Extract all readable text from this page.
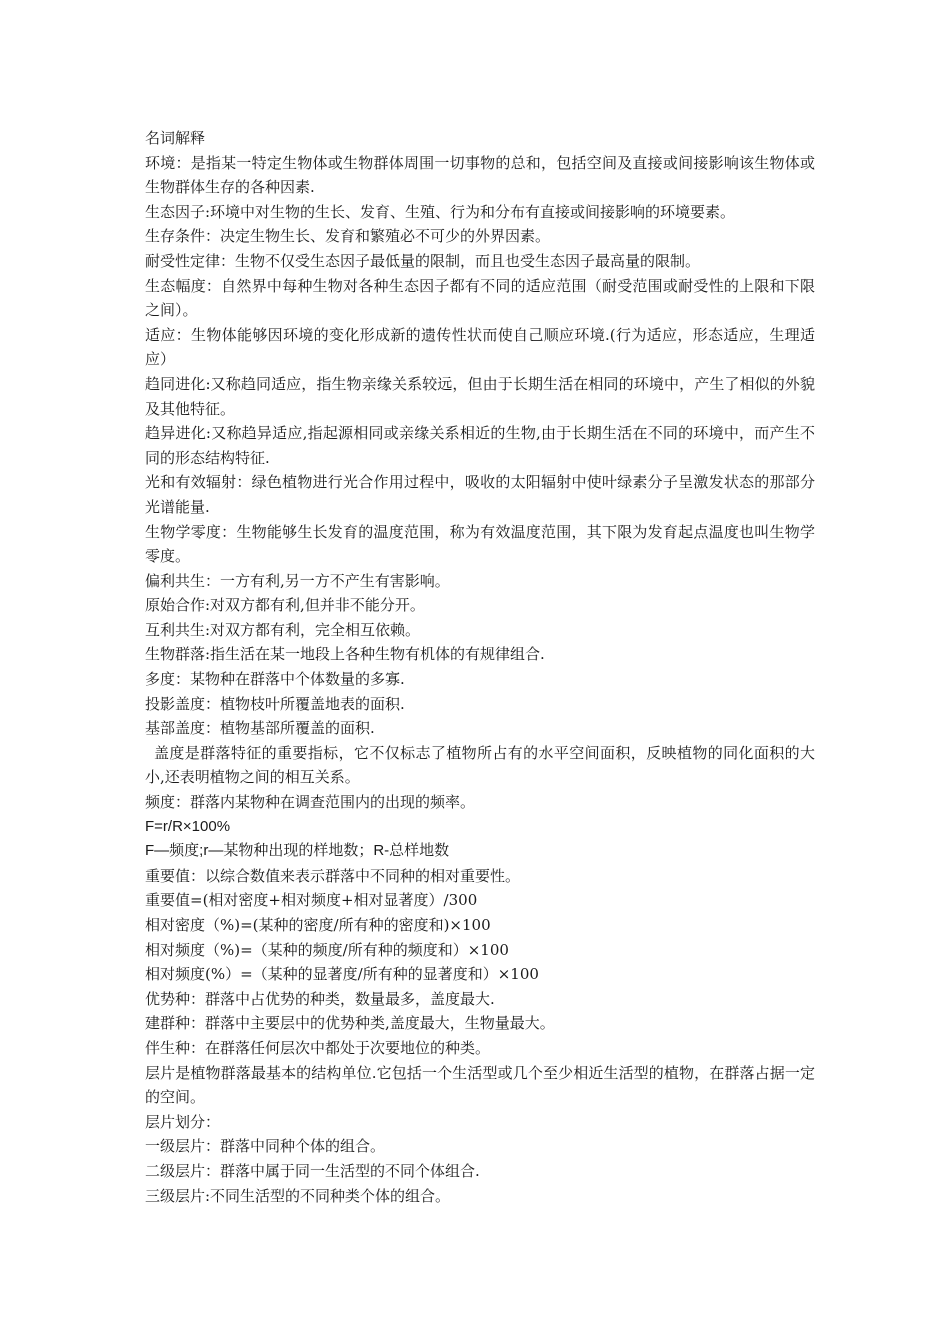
名词解释

环境：是指某一特定生物体或生物群体周围一切事物的总和，包括空间及直接或间接影响该生物体或生物群体生存的各种因素.

生态因子:环境中对生物的生长、发育、生殖、行为和分布有直接或间接影响的环境要素。

生存条件：决定生物生长、发育和繁殖必不可少的外界因素。

耐受性定律：生物不仅受生态因子最低量的限制，而且也受生态因子最高量的限制。

生态幅度：自然界中每种生物对各种生态因子都有不同的适应范围（耐受范围或耐受性的上限和下限之间）。

适应：生物体能够因环境的变化形成新的遗传性状而使自己顺应环境.(行为适应，形态适应，生理适应）

趋同进化:又称趋同适应，指生物亲缘关系较远，但由于长期生活在相同的环境中，产生了相似的外貌及其他特征。

趋异进化:又称趋异适应,指起源相同或亲缘关系相近的生物,由于长期生活在不同的环境中，而产生不同的形态结构特征.

光和有效辐射：绿色植物进行光合作用过程中，吸收的太阳辐射中使叶绿素分子呈激发状态的那部分光谱能量.

生物学零度：生物能够生长发育的温度范围，称为有效温度范围，其下限为发育起点温度也叫生物学零度。

偏利共生：一方有利,另一方不产生有害影响。

原始合作:对双方都有利,但并非不能分开。

互利共生:对双方都有利，完全相互依赖。

生物群落:指生活在某一地段上各种生物有机体的有规律组合.

多度：某物种在群落中个体数量的多寡.

投影盖度：植物枝叶所覆盖地表的面积.

基部盖度：植物基部所覆盖的面积.

盖度是群落特征的重要指标，它不仅标志了植物所占有的水平空间面积，反映植物的同化面积的大小,还表明植物之间的相互关系。

频度：群落内某物种在调查范围内的出现的频率。

F=r/R×100%

F—频度;r—某物种出现的样地数；R-总样地数

重要值：以综合数值来表示群落中不同种的相对重要性。

重要值=(相对密度+相对频度+相对显著度）/300

相对密度（%)=(某种的密度/所有种的密度和)×100

相对频度（%)=（某种的频度/所有种的频度和）×100

相对频度(%）=（某种的显著度/所有种的显著度和）×100

优势种：群落中占优势的种类，数量最多，盖度最大.

建群种：群落中主要层中的优势种类,盖度最大，生物量最大。

伴生种：在群落任何层次中都处于次要地位的种类。

层片是植物群落最基本的结构单位.它包括一个生活型或几个至少相近生活型的植物，在群落占据一定的空间。

层片划分：

一级层片：群落中同种个体的组合。

二级层片：群落中属于同一生活型的不同个体组合.

三级层片:不同生活型的不同种类个体的组合。
